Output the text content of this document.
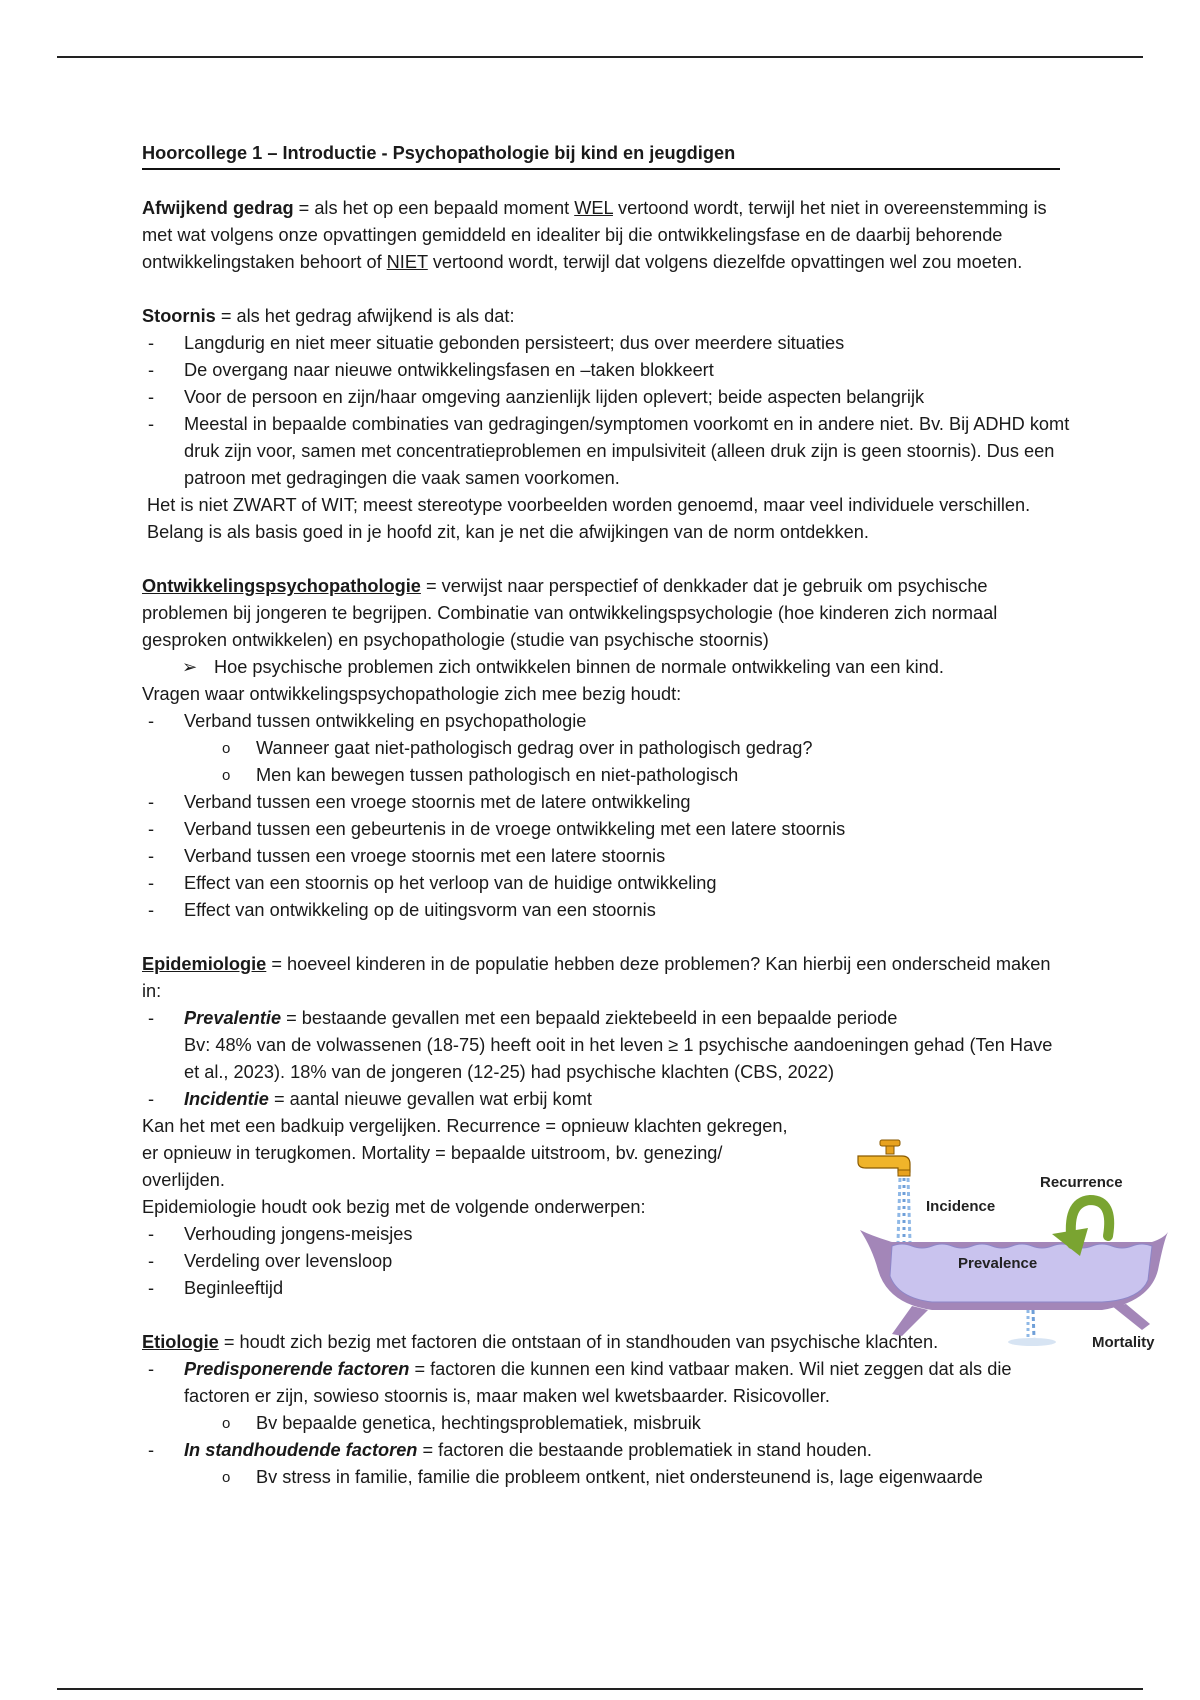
Hoorcollege 1 – Introductie - Psychopathologie bij kind en jeugdigen

Afwijkend gedrag = als het op een bepaald moment WEL vertoond wordt, terwijl het niet in overeenstemming is met wat volgens onze opvattingen gemiddeld en idealiter bij die ontwikkelingsfase en de daarbij behorende ontwikkelingstaken behoort of NIET vertoond wordt, terwijl dat volgens diezelfde opvattingen wel zou moeten.

Stoornis = als het gedrag afwijkend is als dat:

- Langdurig en niet meer situatie gebonden persisteert; dus over meerdere situaties
- De overgang naar nieuwe ontwikkelingsfasen en –taken blokkeert
- Voor de persoon en zijn/haar omgeving aanzienlijk lijden oplevert; beide aspecten belangrijk
- Meestal in bepaalde combinaties van gedragingen/symptomen voorkomt en in andere niet. Bv. Bij ADHD komt druk zijn voor, samen met concentratieproblemen en impulsiviteit (alleen druk zijn is geen stoornis). Dus een patroon met gedragingen die vaak samen voorkomen.

Het is niet ZWART of WIT; meest stereotype voorbeelden worden genoemd, maar veel individuele verschillen. Belang is als basis goed in je hoofd zit, kan je net die afwijkingen van de norm ontdekken.

Ontwikkelingspsychopathologie = verwijst naar perspectief of denkkader dat je gebruik om psychische problemen bij jongeren te begrijpen. Combinatie van ontwikkelingspsychologie (hoe kinderen zich normaal gesproken ontwikkelen) en psychopathologie (studie van psychische stoornis)

➢ Hoe psychische problemen zich ontwikkelen binnen de normale ontwikkeling van een kind.

Vragen waar ontwikkelingspsychopathologie zich mee bezig houdt:

- Verband tussen ontwikkeling en psychopathologie
o Wanneer gaat niet-pathologisch gedrag over in pathologisch gedrag?
o Men kan bewegen tussen pathologisch en niet-pathologisch
- Verband tussen een vroege stoornis met de latere ontwikkeling
- Verband tussen een gebeurtenis in de vroege ontwikkeling met een latere stoornis
- Verband tussen een vroege stoornis met een latere stoornis
- Effect van een stoornis op het verloop van de huidige ontwikkeling
- Effect van ontwikkeling op de uitingsvorm van een stoornis

Epidemiologie = hoeveel kinderen in de populatie hebben deze problemen? Kan hierbij een onderscheid maken in:

- Prevalentie = bestaande gevallen met een bepaald ziektebeeld in een bepaalde periode

Bv: 48% van de volwassenen (18-75) heeft ooit in het leven ≥ 1 psychische aandoeningen gehad (Ten Have et al., 2023). 18% van de jongeren (12-25) had psychische klachten (CBS, 2022)

- Incidentie = aantal nieuwe gevallen wat erbij komt

Kan het met een badkuip vergelijken. Recurrence = opnieuw klachten gekregen, er opnieuw in terugkomen. Mortality = bepaalde uitstroom, bv. genezing/ overlijden.

Epidemiologie houdt ook bezig met de volgende onderwerpen:

- Verhouding jongens-meisjes
- Verdeling over levensloop
- Beginleeftijd

Etiologie = houdt zich bezig met factoren die ontstaan of in standhouden van psychische klachten.

- Predisponerende factoren = factoren die kunnen een kind vatbaar maken. Wil niet zeggen dat als die factoren er zijn, sowieso stoornis is, maar maken wel kwetsbaarder. Risicovoller.
o Bv bepaalde genetica, hechtingsproblematiek, misbruik
- In standhoudende factoren = factoren die bestaande problematiek in stand houden.
o Bv stress in familie, familie die probleem ontkent, niet ondersteunend is, lage eigenwaarde
Incidence
Recurrence
Prevalence
Mortality
